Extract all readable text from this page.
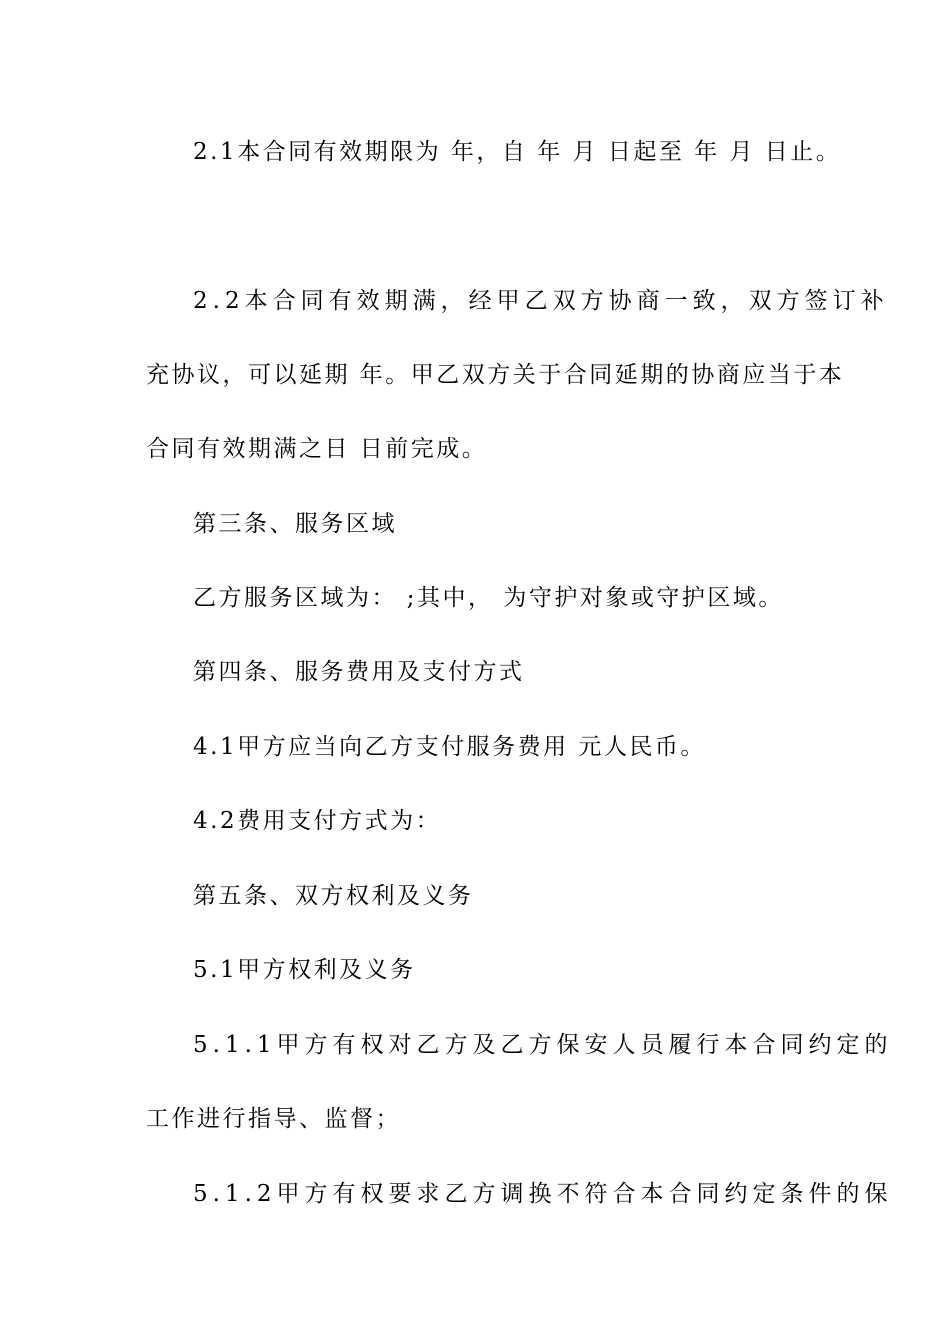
2.1本合同有效期限为 年，自 年 月 日起至 年 月 日止。
2.2本合同有效期满，经甲乙双方协商一致，双方签订补
充协议，可以延期 年。甲乙双方关于合同延期的协商应当于本
合同有效期满之日 日前完成。
第三条、服务区域
乙方服务区域为： ;其中， 为守护对象或守护区域。
第四条、服务费用及支付方式
4.1甲方应当向乙方支付服务费用 元人民币。
4.2费用支付方式为：
第五条、双方权利及义务
5.1甲方权利及义务
5.1.1甲方有权对乙方及乙方保安人员履行本合同约定的
工作进行指导、监督；
5.1.2甲方有权要求乙方调换不符合本合同约定条件的保
